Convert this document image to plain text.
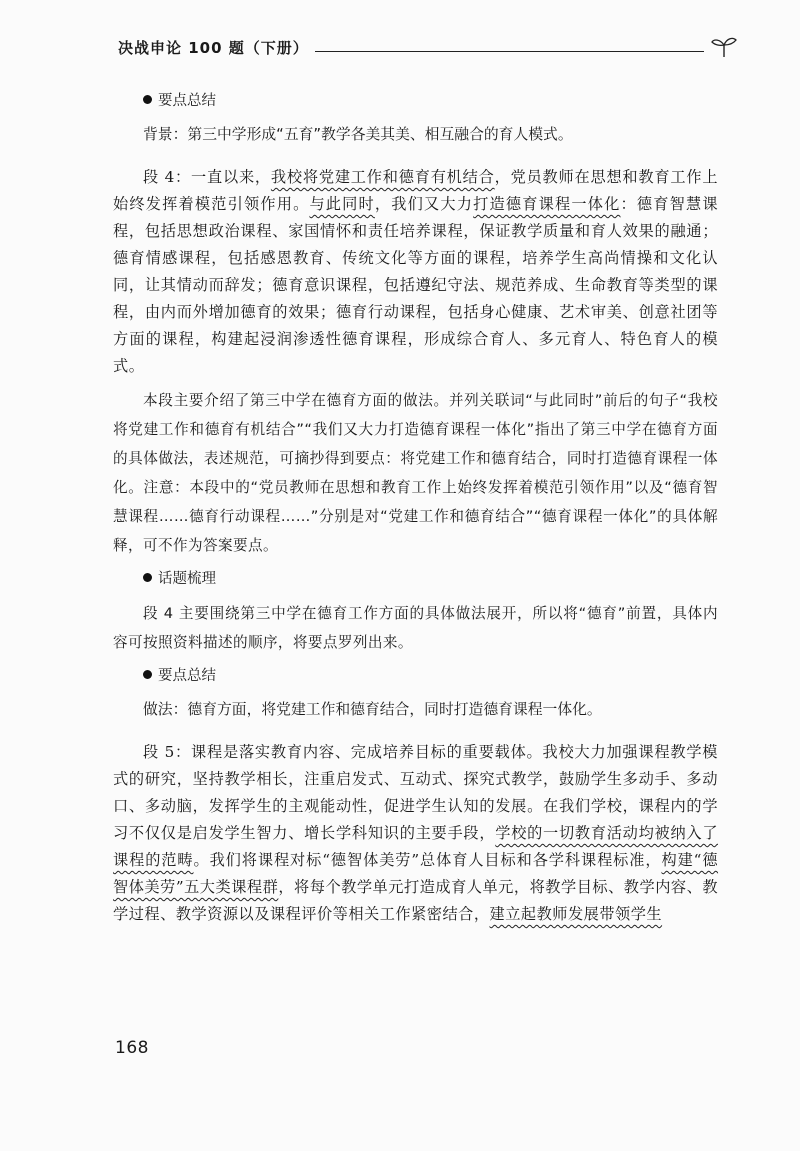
决战申论 100 题（下册）

要点总结

背景：第三中学形成“五育”教学各美其美、相互融合的育人模式。

段 4：一直以来，我校将党建工作和德育有机结合，党员教师在思想和教育工作上始终发挥着模范引领作用。与此同时，我们又大力打造德育课程一体化：德育智慧课程，包括思想政治课程、家国情怀和责任培养课程，保证教学质量和育人效果的融通；德育情感课程，包括感恩教育、传统文化等方面的课程，培养学生高尚情操和文化认同，让其情动而辞发；德育意识课程，包括遵纪守法、规范养成、生命教育等类型的课程，由内而外增加德育的效果；德育行动课程，包括身心健康、艺术审美、创意社团等方面的课程，构建起浸润渗透性德育课程，形成综合育人、多元育人、特色育人的模式。

本段主要介绍了第三中学在德育方面的做法。并列关联词“与此同时”前后的句子“我校将党建工作和德育有机结合”“我们又大力打造德育课程一体化”指出了第三中学在德育方面的具体做法，表述规范，可摘抄得到要点：将党建工作和德育结合，同时打造德育课程一体化。注意：本段中的“党员教师在思想和教育工作上始终发挥着模范引领作用”以及“德育智慧课程……德育行动课程……”分别是对“党建工作和德育结合”“德育课程一体化”的具体解释，可不作为答案要点。

话题梳理

段 4 主要围绕第三中学在德育工作方面的具体做法展开，所以将“德育”前置，具体内容可按照资料描述的顺序，将要点罗列出来。

要点总结

做法：德育方面，将党建工作和德育结合，同时打造德育课程一体化。

段 5：课程是落实教育内容、完成培养目标的重要载体。我校大力加强课程教学模式的研究，坚持教学相长，注重启发式、互动式、探究式教学，鼓励学生多动手、多动口、多动脑，发挥学生的主观能动性，促进学生认知的发展。在我们学校，课程内的学习不仅仅是启发学生智力、增长学科知识的主要手段，学校的一切教育活动均被纳入了课程的范畴。我们将课程对标“德智体美劳”总体育人目标和各学科课程标准，构建“德智体美劳”五大类课程群，将每个教学单元打造成育人单元，将教学目标、教学内容、教学过程、教学资源以及课程评价等相关工作紧密结合，建立起教师发展带领学生

168
